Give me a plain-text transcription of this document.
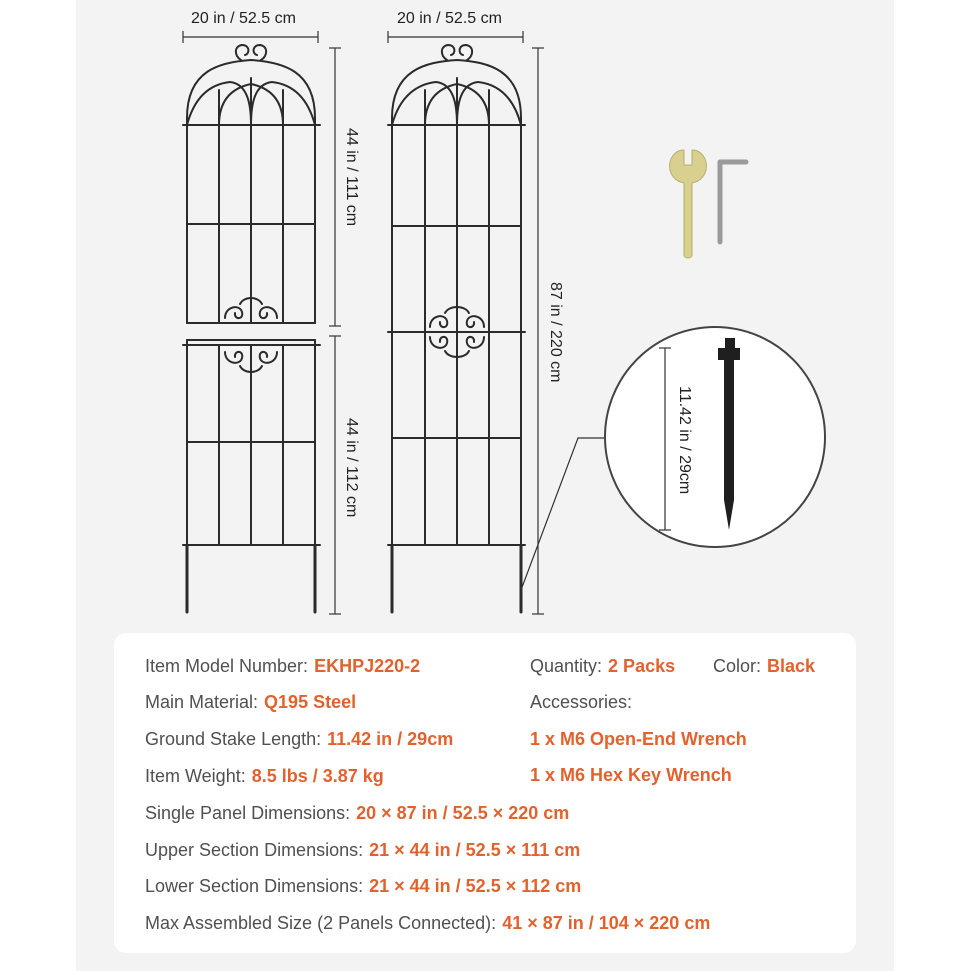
20 in / 52.5 cm	20 in / 52.5 cm
44 in / 111 cm
44 in / 112 cm
87 in / 220 cm
11.42 in / 29cm
Item Model Number: EKHPJ220-2	Quantity: 2 Packs Color: Black
Main Material: Q195 Steel	Accessories:
Ground Stake Length: 11.42 in / 29cm	1 x M6 Open-End Wrench
Item Weight: 8.5 lbs / 3.87 kg	1 x M6 Hex Key Wrench
Single Panel Dimensions: 20 × 87 in / 52.5 × 220 cm
Upper Section Dimensions: 21 × 44 in / 52.5 × 111 cm
Lower Section Dimensions: 21 × 44 in / 52.5 × 112 cm
Max Assembled Size (2 Panels Connected): 41 × 87 in / 104 × 220 cm
